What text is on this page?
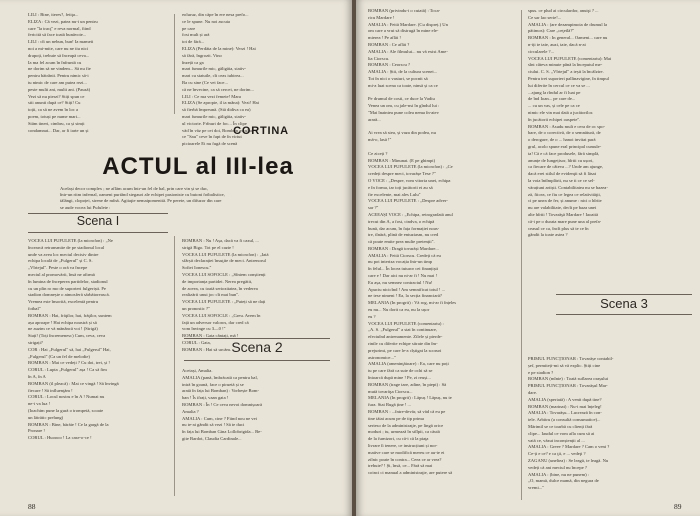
LILI : Bine, iteres?, fetiţa...

ELIZA : Că vezi, patea nu-i un pentru

care "la tracţ" e reva normal, fiind

fericită să face toată bunăvoie...

LILI : cît un nebun, bun! Ia mameii

noi a mi-mite, care nu ne tiu nici

drapoți, trebuie să înceapă ceva...

Ia ma fel acum în înfruntă cu

ne dorim să ne vindem... Să nu fie

pentru bătrânii. Pentru nimic să-i

tu nimic de care am putea rezi...

peste multi ani, multi ani. (Pauză)

Vezi să nu pierzi? Stiți spun ce

stii anunti după ce? Stiți! Cu

toții, ca să ne avem în loc a

poem, totuși pe nume mari...

Stăm tineri, cimbru, ca și simți

condamnat... Dar, ar fi iarte un și

eoluruz, din căpe în ere nesa prefo...

ce le spune. Nu noi ascuta

pe care

fost mult și ară

tot de fără...

ELIZA (Perdăta de la mine): Verzi ! Hai

să fără, îngrozit. Vino

înzeță ca ga

mari fumurile mic, găligăia, stativ-

mari cu statuile, cît ceas iubirea...

Ba cu sine (Ce vei face...

că ne învecine, ca să cercei, ne dorim...

LILI : Ce ma vezi femeie! Mara

ELIZA (Se apropie, il ia mâna): Vezi! Hai

să fierbă împreună. (Stă didiva ca ea)

mari fumurile mic, găligăia, stativ-

ul victorie. Frînuri de foc... În clipe

văd în văz pe cei doi, Bombon asculta

ce "Sau" ceve în fapt de în virtut

picioarele Ei nu fugă de scenă

CORTINA
ACTUL al III-lea

Același decor complex ; ne aflăm acum într-un fel de bal, prin care vin și se duc,

într-un ritm infernal, oameni purtând stegauri ale echipei pasioniste cu butoni fotbalistice,

tălăngi, clopoței, sirene de mînă. Agitaţie nemaipomenită. Pe perete, un difuzor din care

se aude vocea lui Pufulete :

Scena I

VOCEA LUI PUFULETE (la microfon) : „Ne

încearcă retransmite de pe stadionul local

unde va avea loc meciul decisiv dintre

echipa locală de „Fulgerul" și C. S.

„Vîrtejul". Peste o oră va începe

meciul al promovării, însă ne afirmă

în lumina de începerea partidelor, stadionul

cu un plin ro mo de suporteri fulgeriști. Pe

stadion domnește o atmosferă sărbătorească.

Vremea este însorită, excelentă pentru

fotbal"

BOMBAN : Hai, frăţilor, hai, frăţilor, suntem

așa aproape ! Hai echipa noastră și să

ne auzim ce vă mănâncă voi ! (Strigă)

Stați! (Toți încremenesc) Cum, ceva, ceva

strigați?

COR : Hai „Fulgerul" să, hai „Fulgerul" Hai,

„Fulgerul" (Ca un fel de melodie)

BOMBAN : Mai ce vedeți ? Cu doi, trei, și !

CORUL : Lupta „Fulgerul" așa ! Ca să fim

în A, în A

BOMBAN (il pleacă) : Mai ce vingă ! Să învingă

fiecare ! Să influenţăm !

CORUL : Locul nostru e în A ! Numai nu

ne-i va lua !

(Ioachim pune la gură o trompetă, scoate

un lătrătic prelung)

BOMBAN : Bine, bărăie ! Ce la gargă de la

Pronare !

CORUL : Huoooo ! La case-o-ce !

BOMBAN : Nu ! Așa, dacă va fi cazul, ...

strigă Bigo. Tot pe el cazie !

VOCEA LUI PUFULETE (la microfon) : „Iată

sfârșit declarației însuţite de meci. Antrenorul

Sofiei Ionescu."

VOCEA LUI SOFOCLE : „Sîntem conștienți

de importanța partidei. Nerea pregătit,

de aceea, cu toată seriozitatea, în vederea

realizării unui joc cît mai bun".

VOCEA LUI PUFULETE : „Puteți să ne dați

un pronostic ?"

VOCEA LUI SOFOCLE : „Greu. Avem în

față un adversor valoros, dar cred că

vom învinge cu 3—0 !"

BOMBAN : Gata cântați, mă !

CORUL : Gata,

BOMBAN : Hai să urcăm. Scena 2

Aceiași, Amalia.

AMALIA (pană, îmbrăcată ca pentru bal,

intră în goană, face o piruetă și se

arată în fața lui Bomban) : Vorbește Bom-

ban ! Îs ifrați, vaan gata !

BOMBAN : În ! Ce ceva nevoi domnișoară

Amalia ?

AMALIA : Cum, cine ? Fiind nou ne vei

nu te-ai gândit să vezi ! Să te duci

în fața lui Bomban Gina Lollobrigida... Be-

gite Bardot, Claudia Cardinale...

88

BOMBAN (privindu-i o cutată) : Toca-

ricu Mardare !

AMALIA : Feită Mardare. (Cu dispreț.) Un

om care a vrut să distrugă în mine ele-

mierea ! Pe aflăi !

BOMBAN : Ce aflăi ?

AMALIA : Ale filmului... nu vă exist Ame-

lia Ciorscu.

BOMBAN : Ceorscu ?

AMALIA : Știi, de la cultura scenei...

Tot în nici o vasturi, se pocnit să

mi-a luat scena ca toate, ninsă și ca ce

Pe drumul de costi, ce duce la Vadiu

Venea un om, cu jale-nsi în gîndul lui :

"Mai înaintea pune colea nema în-aiev

arară...

Ai vrea să stea, și vaza din podea, nu

mă-o, lasă !"

Ce ziceți ?

BOMBAN : Minunat. (E pe ghimpi)

VOCEA LUI PUFULETE (la microfon) : „Ce

credeți despre meci, tovarășe Tese ?"

O VOCE : „Despre, vom vitoria unei, echipa

e în forma, iar toți jucătorii ei au să

fie excelente, mai ales Lulu"

VOCEA LUI PUFULETE : „Despre adver-

sar ?"

ACEEAȘI VOCE : „Echipa, retrogradată anul

trecut din A, a fost, cindva, o echipă

bună, dar acum, în fața formației noas-

tre, tînără, plină de entuziasm, nu cred

că poate emite prea multe pretenții".

BOMBAN : Dragă tovarăși Mardare...

AMALIA : Feită Ciorscu. Credeți că eu

nu pot interiza vocația într-un timp

în felul... În locea tuturor cei finanțiști

care e ! Dar aici nu ni-ar fi ! Nu mai !

Eu așa, nu semnez contractul ! Nu!

Apuciu nicicînd ! Am semnificat totul ! ...

ne tese nimeni ! Ea, la secția financiară?

MELANIA (In progrit) : Vă rog, mi-ar fi înțeles

eu nu... Nu dorit ca eu, nu la ușor

eu ?

VOCEA LUI PUFULETE (comentariu) :

„A. S. „Fulgerul" a stat în continuare,

efectuînd antrenamente. Zilele și pierde-

rinile cu diferite echipe sitrate din îm-

prejurimi, pe care le-a cîștigat la scoruri

astronomice..."

AMALIA (ameninţătoare) : Ea, care nu poți

tu pe care fără ca sute de ochi să se

întoarcă după mine ! Pe, zi reuși...

BOMBAN (trage tare, adine, în piept) : Să

mută tovarăşa Ciorscu...

MELANIA (In progrit) : Lăpuș ! Lăpuș, nu te

fura. Stai Rugă ține ! ...

BOMBAN : ...între-devăr, să văd că eu pe

tine tăiai acum pe de tip prima

serieso de la administraţie, pe lingă orice

moduri ; tu, urmează în stîlpii, ca căută

de la furnizori, cu că-i că la piaţa

livrare îi tenere, ce instrucțiuni și nor-

mative care se modifică mereu ce au-te ei

zilnic poate în contra... Ceea ce ar vrea?

trebuie? ! Și, însă, ce... Fără să mai

coinci ci manual a administraţie, are putere să

spus. ce plud ai circulardor, anuişi ? ...

Ce sar lao serie!...

AMALIA : (are dezampimoia de drumul la

pătimos): Care „ceţeilă?"

BOMBAN : In general... Oameni... care nu

n-iți te taie, auzi, taie, dacă n-ai

circularele ?...

VOCEA LUI PUFULETE (comentariu): Mai

sînt câteva minute până la începutul me-

ciului. C. S. „Vîrtejul" a ieșit la încălzire.

Pentru trei suporteri pallinavigine, în timpul

lui diferite în cercul ce ce va se ...

...ajung la rîndul ar fi luat pe

de înd Ioan... pe care de...

... cu un vas, și cele pe ca ce

nimic ele vin mai dată a jucătorilor.

în jucătorii echipei oaspete".

BOMBAN : Asudu mult e cera de oc spo-

bare, de o corectivă, de o semnătură, de

o derogare, de o ... hanoi invitat pară

grul, acolo spune eral principal cumule-

ta! Că e că face produsele, fără simplă,

anunțe de Iungețisor, hîrtii cu ușori,

ca fiecare de câteva ...? Unde am ajunge,

dacă erei stilul de evidenţii să fi lăsat

la voia întîmplării, nu se ti ce ce sel-

vărațiuni artiști. Contabilitatea nu se bazea-

ză, fiicea, ce fiu ce legea ce relativităţii,

ci pe unea de fer, și anume : nici o hîrtie

nu are valabilitate, decît pe baza unei

alte hîrtii ! Tovarăşă Mardare ! Iaoaită

că-i pe o durata mare pune una al prefa-

ceasul ce ca, încît plus să te ce în

gândit la toate astea ?

Scena 3

PRIMUL FUNCȚIONAR : Tovarășe contabil-

șef, permiteți-mi să vă explic. Știți cine

e pe stadion ?

BOMBAN (mînie) : Toată suflarea orașului

PRIMUL FUNCȚIONAR : Tovarășul Mar-

dare.

AMALIA (speriată) : A venit după tine?

BOMBAN (marinat) : Nu-i mai înțeleg!

AMALIA : Tovarășu... Lucrează în con-

tele. Arbitru (a consultă consumatice)...

Mărimil se ce toarbă cu clienți fără

clipe... Iaudul ce vom afla cum să ai

vată ce, văzut inconșienții al ...

AMALIA : Greee ? Mardare ? Cam o veni ?

Ce-ți e ce? e ca ţii, e ... vedeţi ?

ZAGANU (uneltea) : Se leagă, te leagă. Nu

vedeți că ani meciul nu începe ?

AMALIA : (bine, nu ne punem) :

„O, mamă, dulce mamă, din negura de

vremi..."

89
